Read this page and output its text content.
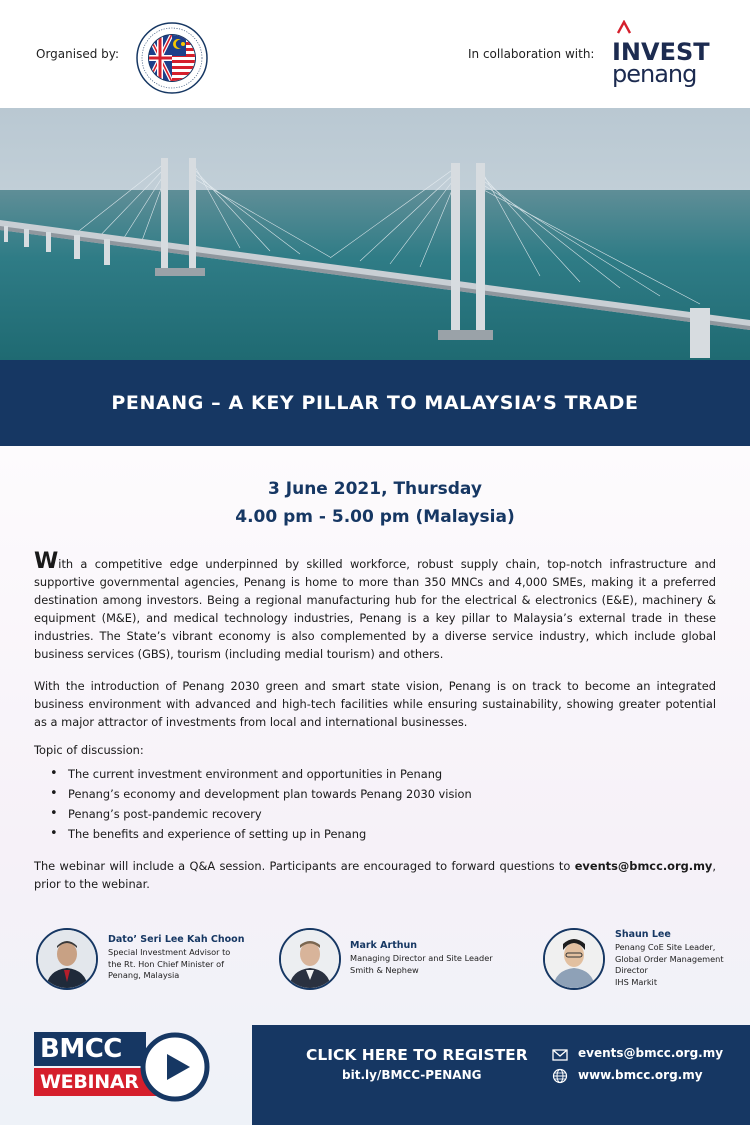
Organised by:	In collaboration with: INVEST
penang
PENANG – A KEY PILLAR TO MALAYSIA’S TRADE
3 June 2021, Thursday
4.00 pm - 5.00 pm (Malaysia)
With a competitive edge underpinned by skilled workforce, robust supply chain, top-notch infrastructure and supportive governmental agencies, Penang is home to more than 350 MNCs and 4,000 SMEs, making it a preferred destination among investors. Being a regional manufacturing hub for the electrical & electronics (E&E), machinery & equipment (M&E), and medical technology industries, Penang is a key pillar to Malaysia’s external trade in these industries. The State’s vibrant economy is also complemented by a diverse service industry, which include global business services (GBS), tourism (including medial tourism) and others.
With the introduction of Penang 2030 green and smart state vision, Penang is on track to become an integrated business environment with advanced and high-tech facilities while ensuring sustainability, showing greater potential as a major attractor of investments from local and international businesses.
Topic of discussion:
• The current investment environment and opportunities in Penang
• Penang’s economy and development plan towards Penang 2030 vision
• Penang’s post-pandemic recovery
• The benefits and experience of setting up in Penang
The webinar will include a Q&A session. Participants are encouraged to forward questions to events@bmcc.org.my, prior to the webinar.
Dato’ Seri Lee Kah Choon
Special Investment Advisor to
the Rt. Hon Chief Minister of
Penang, Malaysia
Mark Arthun
Managing Director and Site Leader
Smith & Nephew
Shaun Lee
Penang CoE Site Leader,
Global Order Management
Director
IHS Markit
BMCC
WEBINAR
CLICK HERE TO REGISTER
bit.ly/BMCC-PENANG
events@bmcc.org.my
www.bmcc.org.my
